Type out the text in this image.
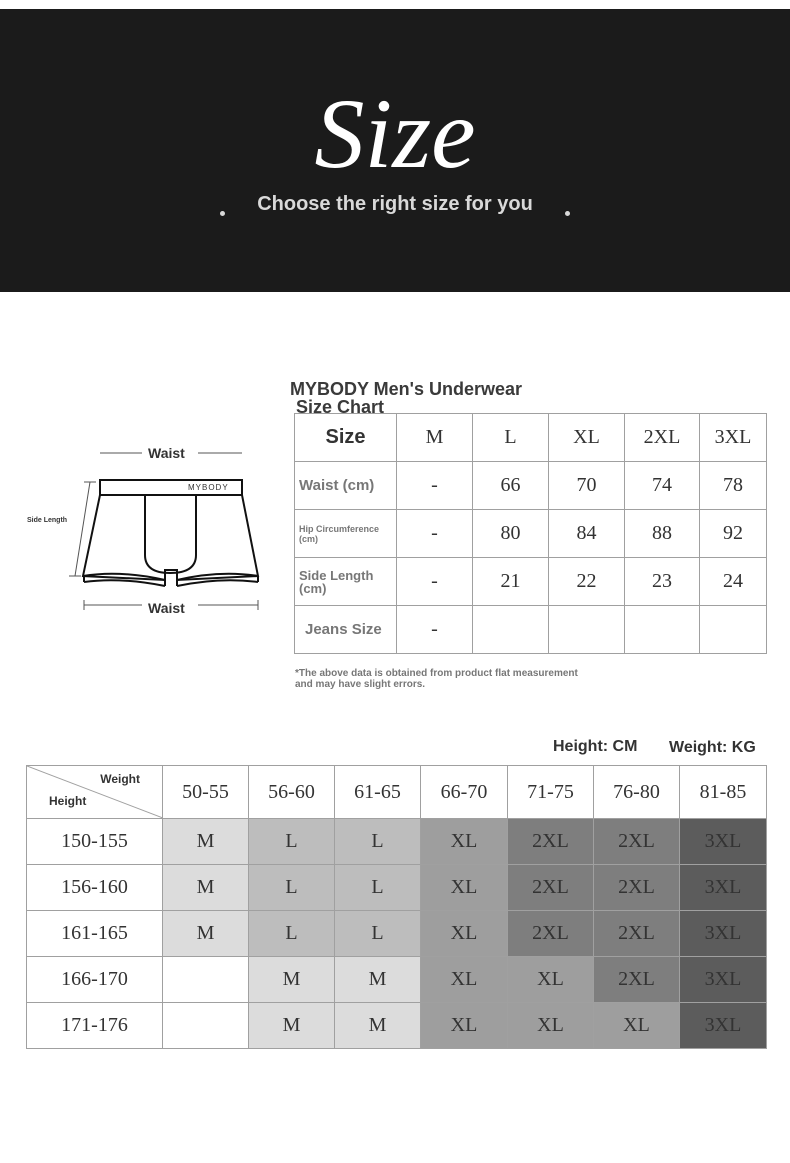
Size
Choose the right size for you
Waist
MYBODY
Side Length
Waist
MYBODY Men's Underwear
Size Chart
Size	M	L	XL	2XL	3XL
Waist (cm)	-	66	70	74	78
Hip Circumference (cm)	-	80	84	88	92
Side Length (cm)	-	21	22	23	24
Jeans Size	-				
*The above data is obtained from product flat measurement and may have slight errors.
Height: CM Weight: KG
Weight
Height	50-55	56-60	61-65	66-70	71-75	76-80	81-85
150-155	M	L	L	XL	2XL	2XL	3XL
156-160	M	L	L	XL	2XL	2XL	3XL
161-165	M	L	L	XL	2XL	2XL	3XL
166-170		M	M	XL	XL	2XL	3XL
171-176		M	M	XL	XL	XL	3XL
